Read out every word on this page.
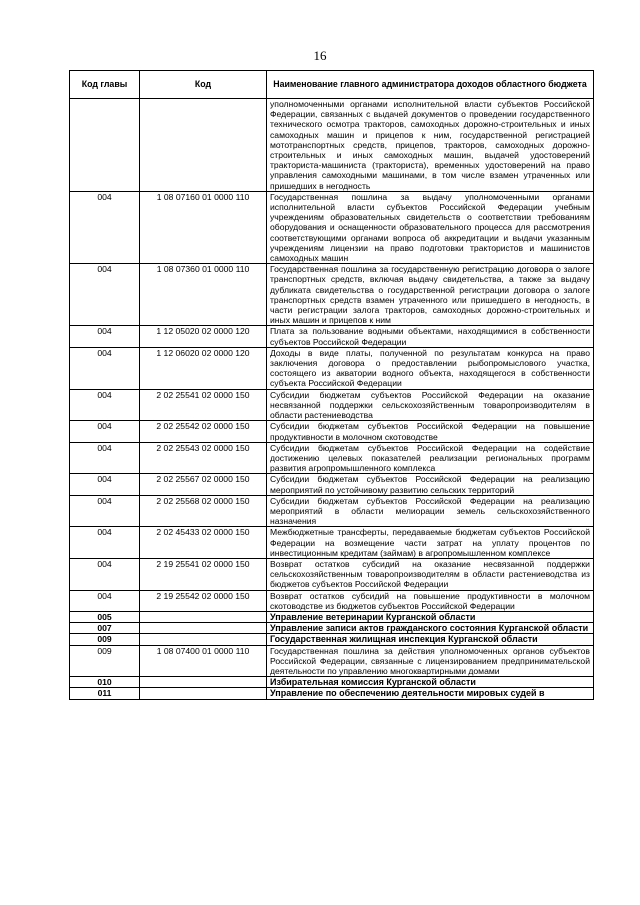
16
Код главы	Код	Наименование главного администратора доходов областного бюджета
		уполномоченными органами исполнительной власти субъектов Российской Федерации, связанных с выдачей документов о проведении государственного технического осмотра тракторов, самоходных дорожно-строительных и иных самоходных машин и прицепов к ним, государственной регистрацией мототранспортных средств, прицепов, тракторов, самоходных дорожно-строительных и иных самоходных машин, выдачей удостоверений тракториста-машиниста (тракториста), временных удостоверений на право управления самоходными машинами, в том числе взамен утраченных или пришедших в негодность
004	1 08 07160 01 0000 110	Государственная пошлина за выдачу уполномоченными органами исполнительной власти субъектов Российской Федерации учебным учреждениям образовательных свидетельств о соответствии требованиям оборудования и оснащенности образовательного процесса для рассмотрения соответствующими органами вопроса об аккредитации и выдачи указанным учреждениям лицензии на право подготовки трактористов и машинистов самоходных машин
004	1 08 07360 01 0000 110	Государственная пошлина за государственную регистрацию договора о залоге транспортных средств, включая выдачу свидетельства, а также за выдачу дубликата свидетельства о государственной регистрации договора о залоге транспортных средств взамен утраченного или пришедшего в негодность, в части регистрации залога тракторов, самоходных дорожно-строительных и иных машин и прицепов к ним
004	1 12 05020 02 0000 120	Плата за пользование водными объектами, находящимися в собственности субъектов Российской Федерации
004	1 12 06020 02 0000 120	Доходы в виде платы, полученной по результатам конкурса на право заключения договора о предоставлении рыбопромыслового участка, состоящего из акватории водного объекта, находящегося в собственности субъекта Российской Федерации
004	2 02 25541 02 0000 150	Субсидии бюджетам субъектов Российской Федерации на оказание несвязанной поддержки сельскохозяйственным товаропроизводителям в области растениеводства
004	2 02 25542 02 0000 150	Субсидии бюджетам субъектов Российской Федерации на повышение продуктивности в молочном скотоводстве
004	2 02 25543 02 0000 150	Субсидии бюджетам субъектов Российской Федерации на содействие достижению целевых показателей реализации региональных программ развития агропромышленного комплекса
004	2 02 25567 02 0000 150	Субсидии бюджетам субъектов Российской Федерации на реализацию мероприятий по устойчивому развитию сельских территорий
004	2 02 25568 02 0000 150	Субсидии бюджетам субъектов Российской Федерации на реализацию мероприятий в области мелиорации земель сельскохозяйственного назначения
004	2 02 45433 02 0000 150	Межбюджетные трансферты, передаваемые бюджетам субъектов Российской Федерации на возмещение части затрат на уплату процентов по инвестиционным кредитам (займам) в агропромышленном комплексе
004	2 19 25541 02 0000 150	Возврат остатков субсидий на оказание несвязанной поддержки сельскохозяйственным товаропроизводителям в области растениеводства из бюджетов субъектов Российской Федерации
004	2 19 25542 02 0000 150	Возврат остатков субсидий на повышение продуктивности в молочном скотоводстве из бюджетов субъектов Российской Федерации
005		Управление ветеринарии Курганской области
007		Управление записи актов гражданского состояния Курганской области
009		Государственная жилищная инспекция Курганской области
009	1 08 07400 01 0000 110	Государственная пошлина за действия уполномоченных органов субъектов Российской Федерации, связанные с лицензированием предпринимательской деятельности по управлению многоквартирными домами
010		Избирательная комиссия Курганской области
011		Управление по обеспечению деятельности мировых судей в
